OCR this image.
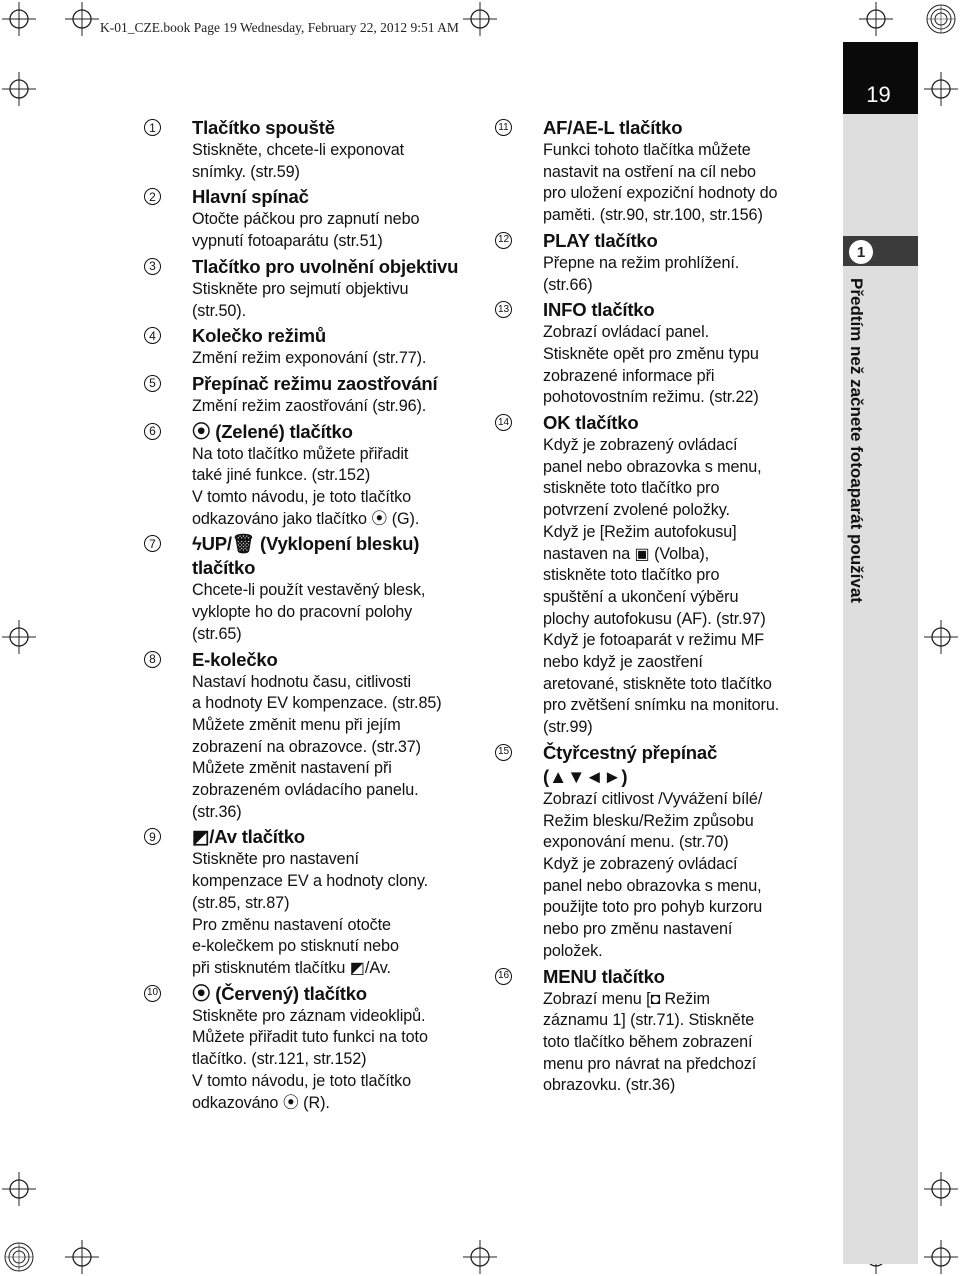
K-01_CZE.book Page 19 Wednesday, February 22, 2012 9:51 AM
19
1
Předtím než začnete fotoaparát používat
1 Tlačítko spouště
Stiskněte, chcete-li exponovat
snímky. (str.59)
2 Hlavní spínač
Otočte páčkou pro zapnutí nebo
vypnutí fotoaparátu (str.51)
3 Tlačítko pro uvolnění objektivu
Stiskněte pro sejmutí objektivu
(str.50).
4 Kolečko režimů
Změní režim exponování (str.77).
5 Přepínač režimu zaostřování
Změní režim zaostřování (str.96).
6 ⦿ (Zelené) tlačítko
Na toto tlačítko můžete přiřadit
také jiné funkce. (str.152)
V tomto návodu, je toto tlačítko
odkazováno jako tlačítko ⦿ (G).
7 ϟUP/🗑 (Vyklopení blesku)
tlačítko
Chcete-li použít vestavěný blesk,
vyklopte ho do pracovní polohy
(str.65)
8 E-kolečko
Nastaví hodnotu času, citlivosti
a hodnoty EV kompenzace. (str.85)
Můžete změnit menu při jejím
zobrazení na obrazovce. (str.37)
Můžete změnit nastavení při
zobrazeném ovládacího panelu.
(str.36)
9 ◩/Av tlačítko
Stiskněte pro nastavení
kompenzace EV a hodnoty clony.
(str.85, str.87)
Pro změnu nastavení otočte
e-kolečkem po stisknutí nebo
při stisknutém tlačítku ◩/Av.
10 ⦿ (Červený) tlačítko
Stiskněte pro záznam videoklipů.
Můžete přiřadit tuto funkci na toto
tlačítko. (str.121, str.152)
V tomto návodu, je toto tlačítko
odkazováno ⦿ (R).
11 AF/AE-L tlačítko
Funkci tohoto tlačítka můžete
nastavit na ostření na cíl nebo
pro uložení expoziční hodnoty do
paměti. (str.90, str.100, str.156)
12 PLAY tlačítko
Přepne na režim prohlížení.
(str.66)
13 INFO tlačítko
Zobrazí ovládací panel.
Stiskněte opět pro změnu typu
zobrazené informace při
pohotovostním režimu. (str.22)
14 OK tlačítko
Když je zobrazený ovládací
panel nebo obrazovka s menu,
stiskněte toto tlačítko pro
potvrzení zvolené položky.
Když je [Režim autofokusu]
nastaven na ▣ (Volba),
stiskněte toto tlačítko pro
spuštění a ukončení výběru
plochy autofokusu (AF). (str.97)
Když je fotoaparát v režimu MF
nebo když je zaostření
aretované, stiskněte toto tlačítko
pro zvětšení snímku na monitoru.
(str.99)
15 Čtyřcestný přepínač
(▲▼◄►)
Zobrazí citlivost /Vyvážení bílé/
Režim blesku/Režim způsobu
exponování menu. (str.70)
Když je zobrazený ovládací
panel nebo obrazovka s menu,
použijte toto pro pohyb kurzoru
nebo pro změnu nastavení
položek.
16 MENU tlačítko
Zobrazí menu [◘ Režim
záznamu 1] (str.71). Stiskněte
toto tlačítko během zobrazení
menu pro návrat na předchozí
obrazovku. (str.36)
